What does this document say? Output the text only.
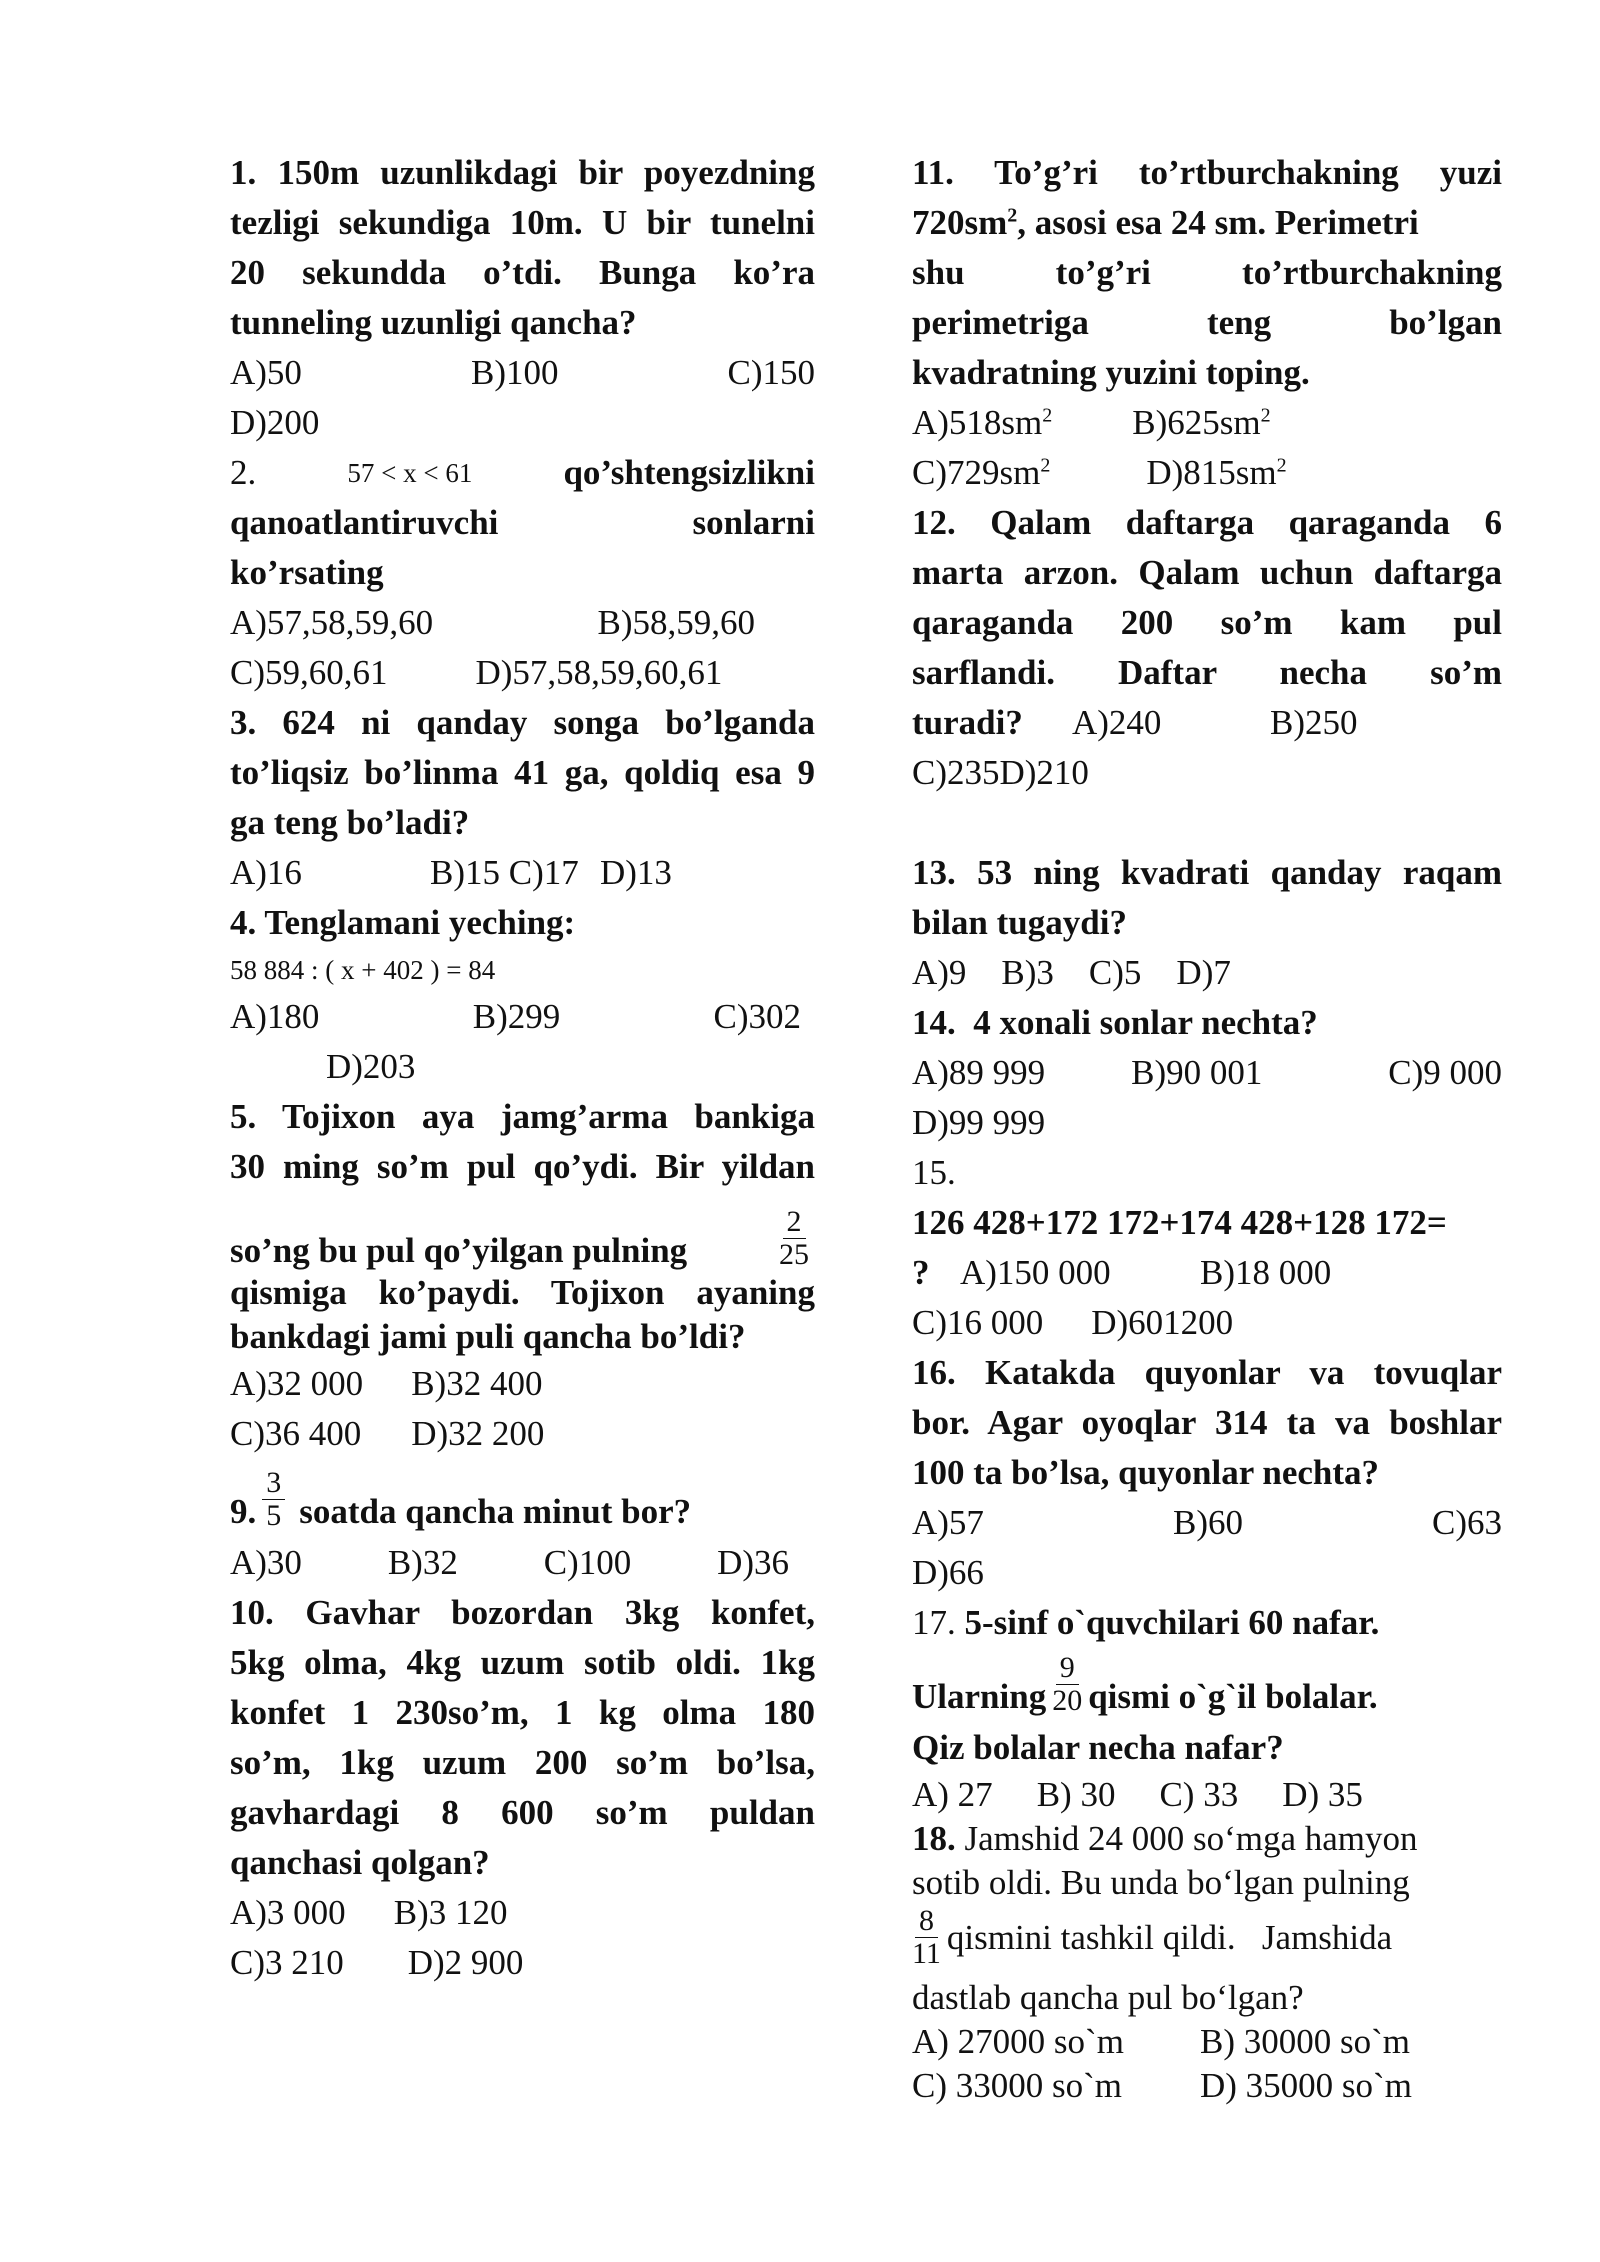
1. 150m uzunlikdagi bir poyezdning
tezligi sekundiga 10m. U bir tunelni
20 sekundda o’tdi. Bunga ko’ra
tunneling uzunligi qancha?
A)50	B)100	C)150
D)200
2.	57 < x < 61	qo’shtengsizlikni
qanoatlantiruvchi	sonlarni
ko’rsating
A)57,58,59,60	B)58,59,60
C)59,60,61	D)57,58,59,60,61
3. 624 ni qanday songa bo’lganda
to’liqsiz bo’linma 41 ga, qoldiq esa 9
ga teng bo’ladi?
A)16	B)15 C)17 D)13
4. Tenglamani yeching:
58 884 : ( x + 402 ) = 84
A)180	B)299	C)302
D)203
5. Tojixon aya jamg’arma bankiga
30 ming so’m pul qo’ydi. Bir yildan
so’ng bu pul qo’yilgan pulning	$\frac{2}{25}$
qismiga ko’paydi. Tojixon ayaning
bankdagi jami puli qancha bo’ldi?
A)32 000 B)32 400
C)36 400 D)32 200
9. $\frac{3}{5}$ soatda qancha minut bor?
A)30 B)32 C)100 D)36
10. Gavhar bozordan 3kg konfet,
5kg olma, 4kg uzum sotib oldi. 1kg
konfet 1 230so’m, 1 kg olma 180
so’m, 1kg uzum 200 so’m bo’lsa,
gavhardagi 8 600 so’m puldan
qanchasi qolgan?
A)3 000 B)3 120
C)3 210 D)2 900
11. To’g’ri to’rtburchakning yuzi
$720sm^2$, asosi esa 24 sm. Perimetri
shu to’g’ri to’rtburchakning
perimetriga teng bo’lgan
kvadratning yuzini toping.
$A)518sm^2$ $B)625sm^2$
$C)729sm^2$	$D)815sm^2$
12. Qalam daftarga qaraganda 6
marta arzon. Qalam uchun daftarga
qaraganda 200 so’m kam pul
sarflandi. Daftar necha so’m
turadi?	A)240	B)250
C)235D)210
13. 53 ning kvadrati qanday raqam
bilan tugaydi?
A)9    B)3    C)5    D)7
14.  4 xonali sonlar nechta?
A)89 999 B)90 001	C)9 000
D)99 999
15.
126 428+172 172+174 428+128 172=
? A)150 000	B)18 000
C)16 000 D)601200
16. Katakda quyonlar va tovuqlar
bor. Agar oyoqlar 314 ta va boshlar
100 ta bo’lsa, quyonlar nechta?
A)57	B)60	C)63
D)66
17. 5-sinf o`quvchilari 60 nafar.
Ularning $\frac{9}{20}$ qismi o`g`il bolalar.
Qiz bolalar necha nafar?
A) 27 B) 30 C) 33 D) 35
18. Jamshid 24 000 so‘mga hamyon
sotib oldi. Bu unda bo‘lgan pulning
$\frac{8}{11}$ qismini tashkil qildi.   Jamshida
dastlab qancha pul bo‘lgan?
A) 27000 so`m	B) 30000 so`m
C) 33000 so`m	D) 35000 so`m
